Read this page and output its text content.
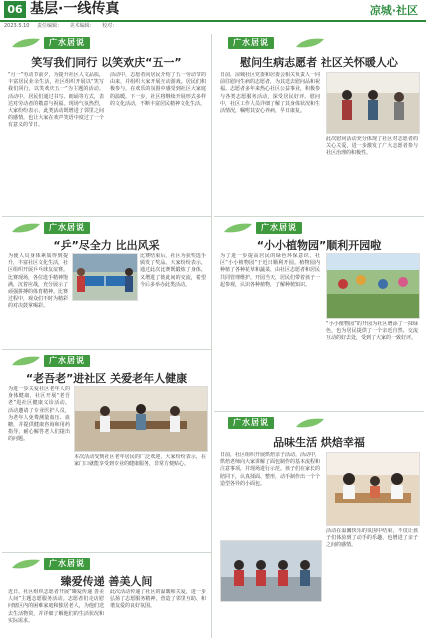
06 基层·一线传真	凉城·社区
2023.5.10 责任编辑： 美术编辑： 校对：
广水居说
笑写我们同行 以笑欢庆“五一”
“月一”劳动节前夕，为提升社区人文品质，丰富居民业余生活，社区组织开展以“笑写我们同行，以笑欢庆五一”为主题的活动。活动中，居民们通过书写、朗诵等方式，表达对劳动者的敬意与祝福。现场气氛热烈，大家纷纷表示，此类活动既增进了邻里之间的感情，也让大家在欢声笑语中度过了一个有意义的节日。
活动中，志愿者向居民介绍了五一劳动节的由来，并组织大家开展互动游戏。居民们积极参与，在欢乐的氛围中感受到社区大家庭的温暖。下一步，社区将继续开展形式多样的文化活动，不断丰富居民精神文化生活。
广水居说
“乒”尽全力 比出风采
为使人员身体素质得到提升，丰富社区文化生活，社区组织开展乒乓球友谊赛。比赛现场，各位选手精神饱满，沉着应战，充分展示了顽强拼搏的体育精神。比赛过程中，观众们不时为精彩的对决鼓掌喝彩。
比赛结束后，社区为获奖选手颁发了奖品。大家纷纷表示，通过此次比赛既锻炼了身体，又增进了彼此间的交流，希望今后多举办此类活动。
广水居说
“老吾老”进社区 关爱老年人健康
为进一步关爱社区老年人的身体健康，社区开展“老吾老”进社区健康义诊活动。活动邀请了专业医护人员，为老年人免费测量血压、血糖，并提供健康咨询和用药指导，耐心解答老人们提出的问题。
本次活动受到社区老年居民的广泛欢迎，大家纷纷表示，在家门口就能享受到专业的健康服务，非常方便贴心。
广水居说
臻爱传递 善美人间
近日，社区组织志愿者开展“臻爱传递 善美人间”主题志愿服务活动。志愿者们走访慰问辖区内的困难家庭和独居老人，为他们送去生活物资，并详细了解他们的生活状况和实际需求。
此次活动传递了社区的温暖和关爱，进一步弘扬了志愿服务精神，营造了邻里互助、和谐友爱的良好氛围。
广水居说
慰问生病志愿者 社区关怀暖人心
日前，凉城社区党委和居委会相关负责人一同前往慰问生病的志愿者，为其送去慰问品和祝福。志愿者多年来热心社区公益事业，积极参与各类志愿服务活动，深受居民好评。慰问中，社区工作人员详细了解了其身体状况和生活情况，嘱咐其安心养病，早日康复。
此次慰问活动充分体现了社区对志愿者的关心关爱，进一步激发了广大志愿者参与社区治理的积极性。
广水居说
“小小植物园”顺利开园啦
为了进一步提高居民的绿色环保意识，社区“小小植物园”于近日顺利开园。植物园内种植了各种花草和蔬菜，由社区志愿者和居民共同管理维护。开园当天，居民们带着孩子一起参观，认识各种植物，了解种植知识。
“小小植物园”的开园为社区增添了一抹绿色，也为居民提供了一个亲近自然、交流互动的好去处，受到了大家的一致好评。
广水居说
品味生活 烘焙幸福
日前，社区组织开展烘焙亲子活动。活动中，烘焙老师向大家讲解了面包制作的基本流程和注意事项，并现场进行示范。孩子们在家长的陪同下，认真揉面、整形，动手制作出一个个造型各异的小面包。
活动在温馨快乐的氛围中结束，不仅让孩子们体验到了动手的乐趣，也增进了亲子之间的感情。
